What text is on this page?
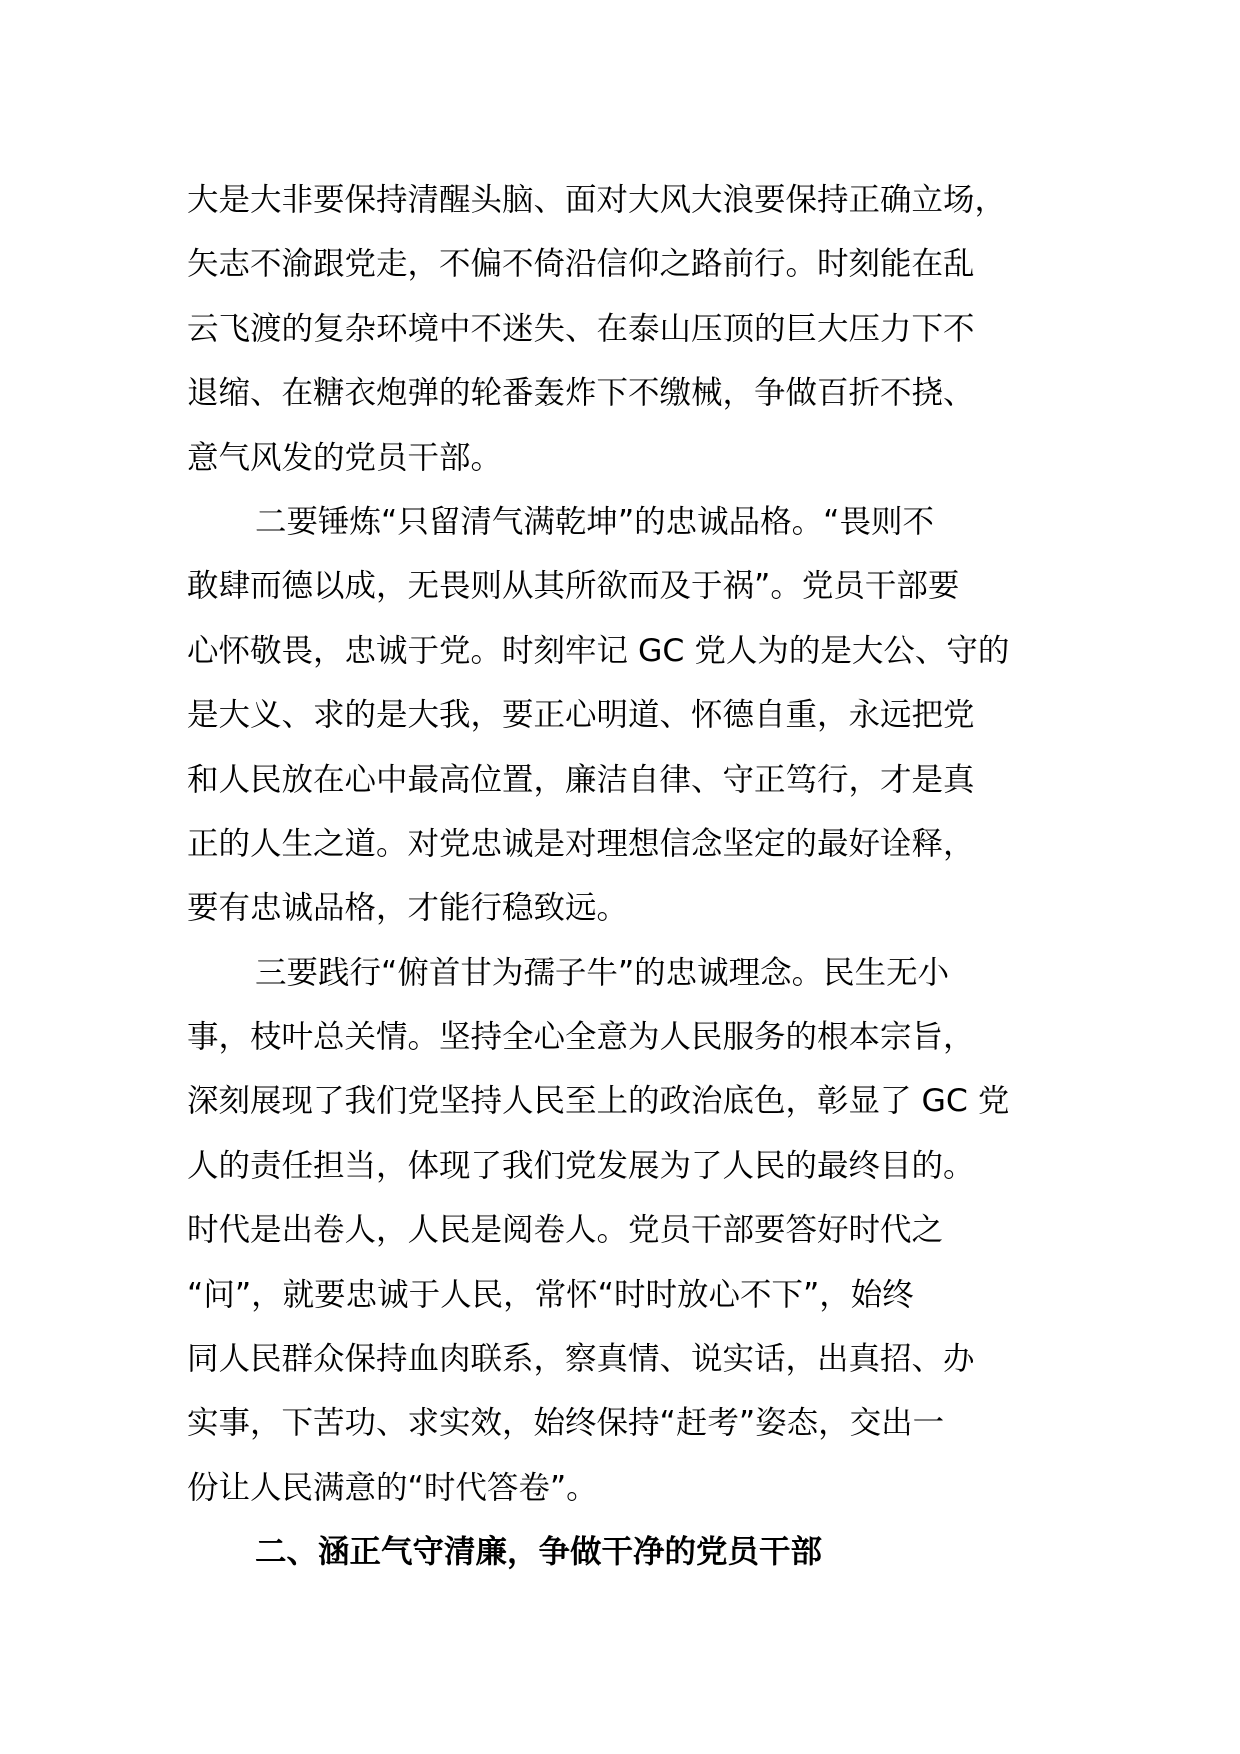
大是大非要保持清醒头脑、面对大风大浪要保持正确立场，
矢志不渝跟党走，不偏不倚沿信仰之路前行。时刻能在乱
云飞渡的复杂环境中不迷失、在泰山压顶的巨大压力下不
退缩、在糖衣炮弹的轮番轰炸下不缴械，争做百折不挠、
意气风发的党员干部。
二要锤炼“只留清气满乾坤”的忠诚品格。“畏则不
敢肆而德以成，无畏则从其所欲而及于祸”。党员干部要
心怀敬畏，忠诚于党。时刻牢记 GC 党人为的是大公、守的
是大义、求的是大我，要正心明道、怀德自重，永远把党
和人民放在心中最高位置，廉洁自律、守正笃行，才是真
正的人生之道。对党忠诚是对理想信念坚定的最好诠释，
要有忠诚品格，才能行稳致远。
三要践行“俯首甘为孺子牛”的忠诚理念。民生无小
事，枝叶总关情。坚持全心全意为人民服务的根本宗旨，
深刻展现了我们党坚持人民至上的政治底色，彰显了 GC 党
人的责任担当，体现了我们党发展为了人民的最终目的。
时代是出卷人，人民是阅卷人。党员干部要答好时代之
“问”，就要忠诚于人民，常怀“时时放心不下”，始终
同人民群众保持血肉联系，察真情、说实话，出真招、办
实事，下苦功、求实效，始终保持“赶考”姿态，交出一
份让人民满意的“时代答卷”。
二、涵正气守清廉，争做干净的党员干部
